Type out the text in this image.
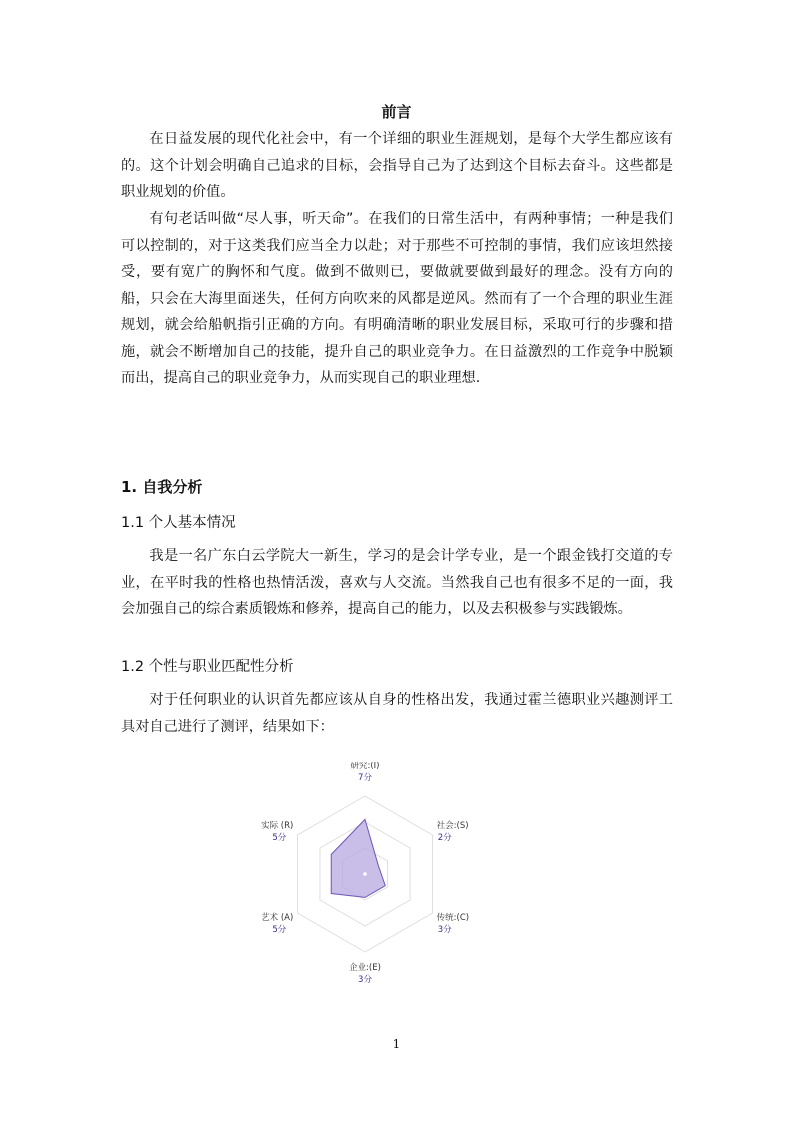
前言

在日益发展的现代化社会中，有一个详细的职业生涯规划，是每个大学生都应该有的。这个计划会明确自己追求的目标，会指导自己为了达到这个目标去奋斗。这些都是职业规划的价值。

有句老话叫做“尽人事，听天命”。在我们的日常生活中，有两种事情；一种是我们可以控制的，对于这类我们应当全力以赴；对于那些不可控制的事情，我们应该坦然接受，要有宽广的胸怀和气度。做到不做则已，要做就要做到最好的理念。没有方向的船，只会在大海里面迷失，任何方向吹来的风都是逆风。然而有了一个合理的职业生涯规划，就会给船帆指引正确的方向。有明确清晰的职业发展目标，采取可行的步骤和措施，就会不断增加自己的技能，提升自己的职业竞争力。在日益激烈的工作竞争中脱颖而出，提高自己的职业竞争力，从而实现自己的职业理想.

1. 自我分析
1.1 个人基本情况

我是一名广东白云学院大一新生，学习的是会计学专业，是一个跟金钱打交道的专业，在平时我的性格也热情活泼，喜欢与人交流。当然我自己也有很多不足的一面，我会加强自己的综合素质锻炼和修养，提高自己的能力，以及去积极参与实践锻炼。

1.2 个性与职业匹配性分析

对于任何职业的认识首先都应该从自身的性格出发，我通过霍兰德职业兴趣测评工具对自己进行了测评，结果如下：

研究:(I)
7分
社会:(S)
2分
传统:(C)
3分
企业:(E)
3分
艺术 (A)
5分
实际 (R)
5分
1
